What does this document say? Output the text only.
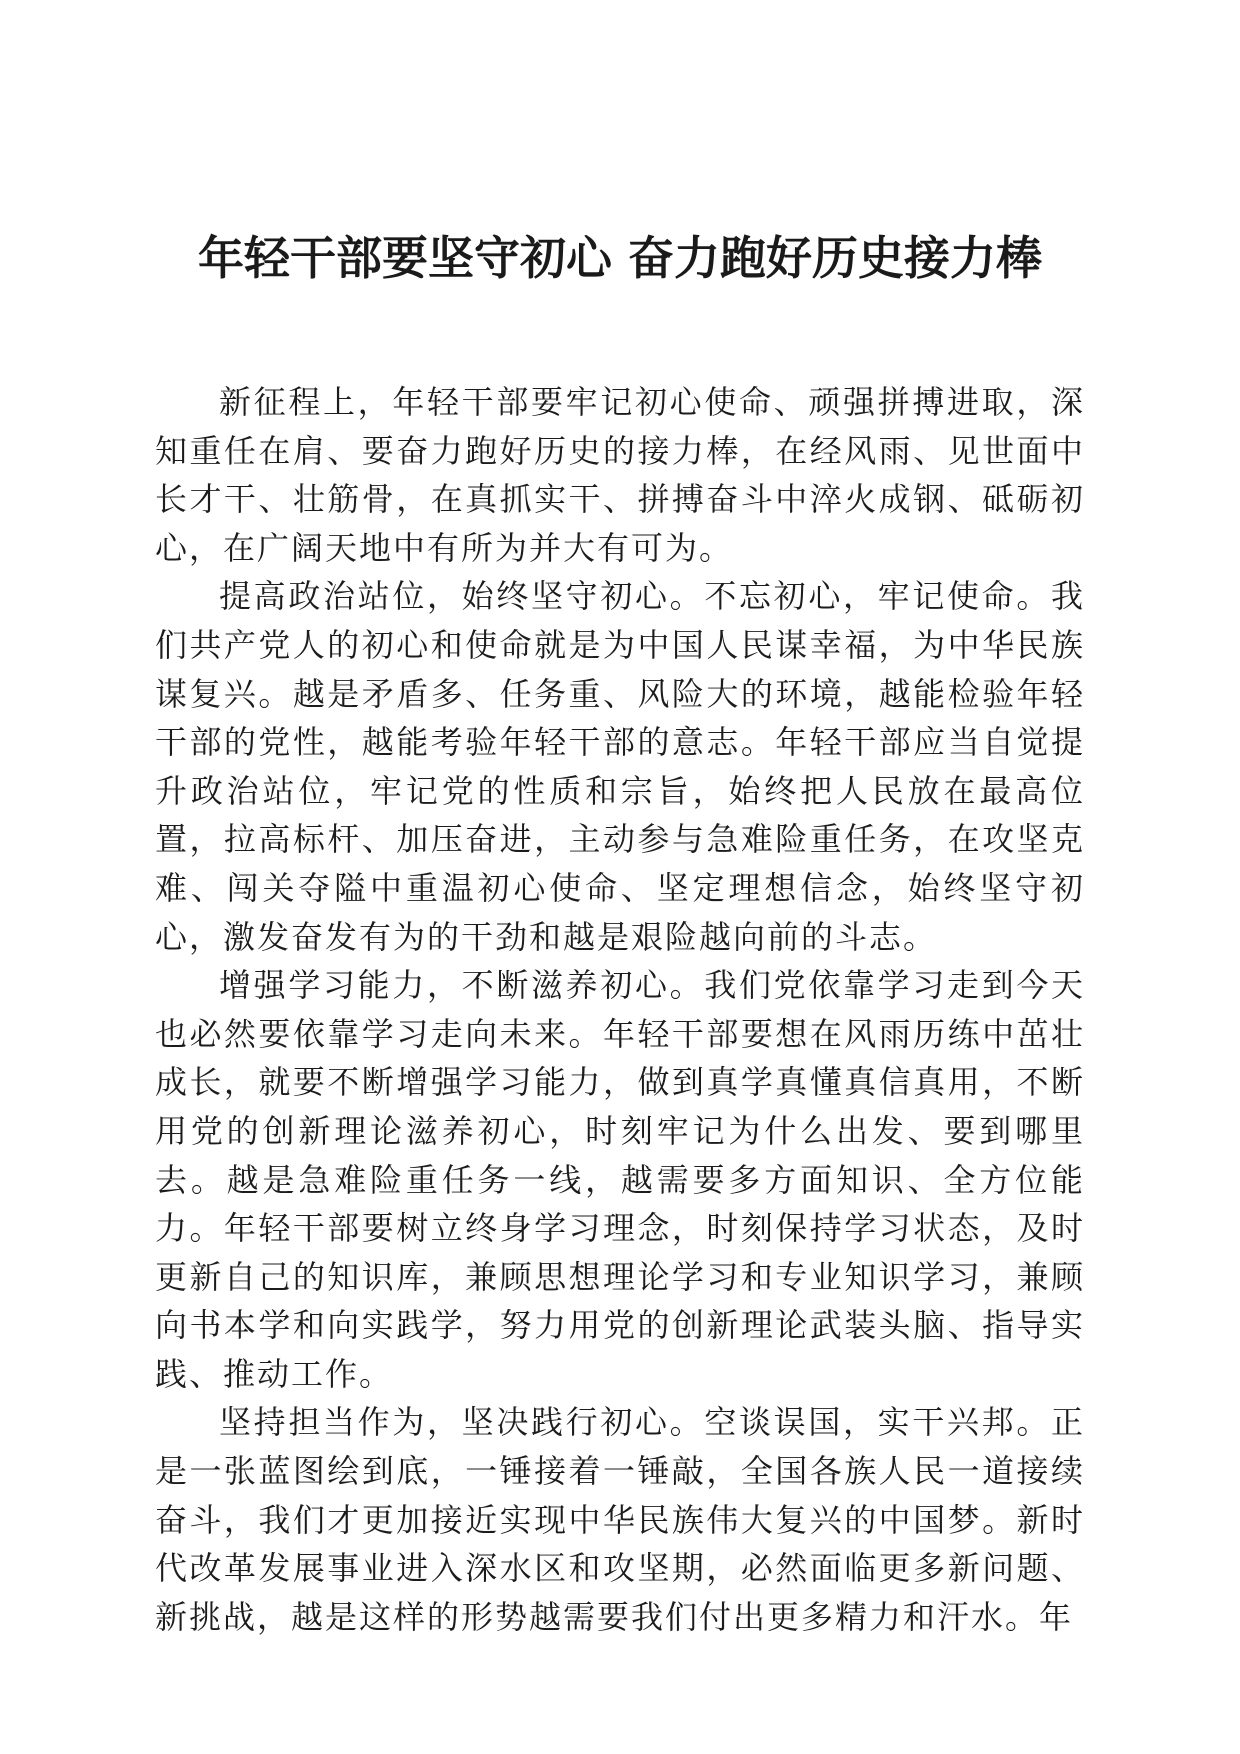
年轻干部要坚守初心 奋力跑好历史接力棒

新征程上，年轻干部要牢记初心使命、顽强拼搏进取，深知重任在肩、要奋力跑好历史的接力棒，在经风雨、见世面中长才干、壮筋骨，在真抓实干、拼搏奋斗中淬火成钢、砥砺初心，在广阔天地中有所为并大有可为。

提高政治站位，始终坚守初心。不忘初心，牢记使命。我们共产党人的初心和使命就是为中国人民谋幸福，为中华民族谋复兴。越是矛盾多、任务重、风险大的环境，越能检验年轻干部的党性，越能考验年轻干部的意志。年轻干部应当自觉提升政治站位，牢记党的性质和宗旨，始终把人民放在最高位置，拉高标杆、加压奋进，主动参与急难险重任务，在攻坚克难、闯关夺隘中重温初心使命、坚定理想信念，始终坚守初心，激发奋发有为的干劲和越是艰险越向前的斗志。

增强学习能力，不断滋养初心。我们党依靠学习走到今天也必然要依靠学习走向未来。年轻干部要想在风雨历练中茁壮成长，就要不断增强学习能力，做到真学真懂真信真用，不断用党的创新理论滋养初心，时刻牢记为什么出发、要到哪里去。越是急难险重任务一线，越需要多方面知识、全方位能力。年轻干部要树立终身学习理念，时刻保持学习状态，及时更新自己的知识库，兼顾思想理论学习和专业知识学习，兼顾向书本学和向实践学，努力用党的创新理论武装头脑、指导实践、推动工作。

坚持担当作为，坚决践行初心。空谈误国，实干兴邦。正是一张蓝图绘到底，一锤接着一锤敲，全国各族人民一道接续奋斗，我们才更加接近实现中华民族伟大复兴的中国梦。新时代改革发展事业进入深水区和攻坚期，必然面临更多新问题、新挑战，越是这样的形势越需要我们付出更多精力和汗水。年
